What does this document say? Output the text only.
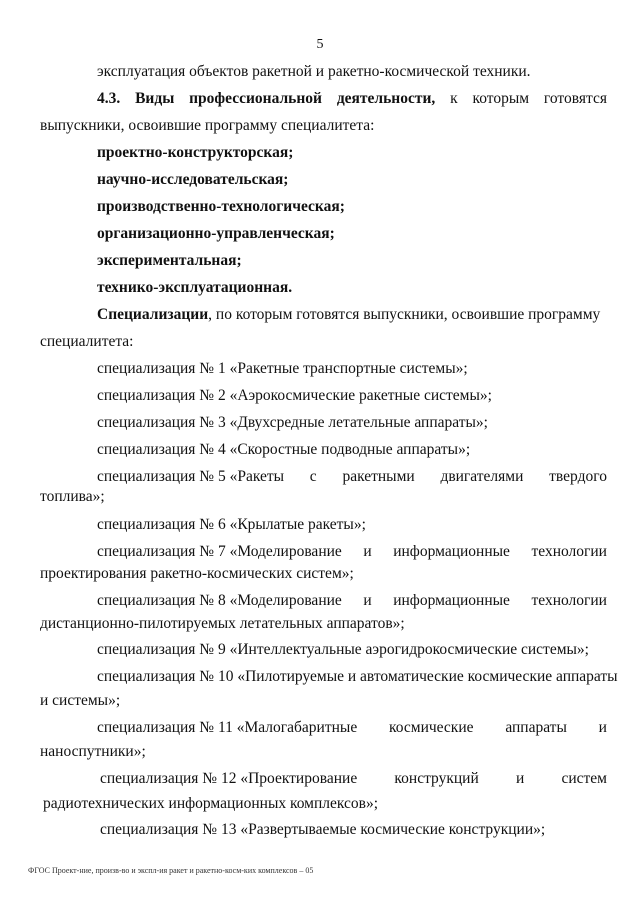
5
эксплуатация объектов ракетной и ракетно-космической техники.
4.3. Виды профессиональной деятельности, к которым готовятся
выпускники, освоившие программу специалитета:
проектно-конструкторская;
научно-исследовательская;
производственно-технологическая;
организационно-управленческая;
экспериментальная;
технико-эксплуатационная.
Специализации, по которым готовятся выпускники, освоившие программу
специалитета:
специализация № 1 «Ракетные транспортные системы»;
специализация № 2 «Аэрокосмические ракетные системы»;
специализация № 3 «Двухсредные летательные аппараты»;
специализация № 4 «Скоростные подводные аппараты»;
специализация № 5 «Ракеты с ракетными двигателями твердого
топлива»;
специализация № 6 «Крылатые ракеты»;
специализация № 7 «Моделирование и информационные технологии
проектирования ракетно-космических систем»;
специализация № 8 «Моделирование и информационные технологии
дистанционно-пилотируемых летательных аппаратов»;
специализация № 9 «Интеллектуальные аэрогидрокосмические системы»;
специализация № 10 «Пилотируемые и автоматические космические аппараты
и системы»;
специализация № 11 «Малогабаритные космические аппараты и
наноспутники»;
специализация № 12 «Проектирование конструкций и систем
радиотехнических информационных комплексов»;
специализация № 13 «Развертываемые космические конструкции»;
ФГОС Проект-ние, произв-во и экспл-ия ракет и ракетно-косм-ких комплексов – 05
